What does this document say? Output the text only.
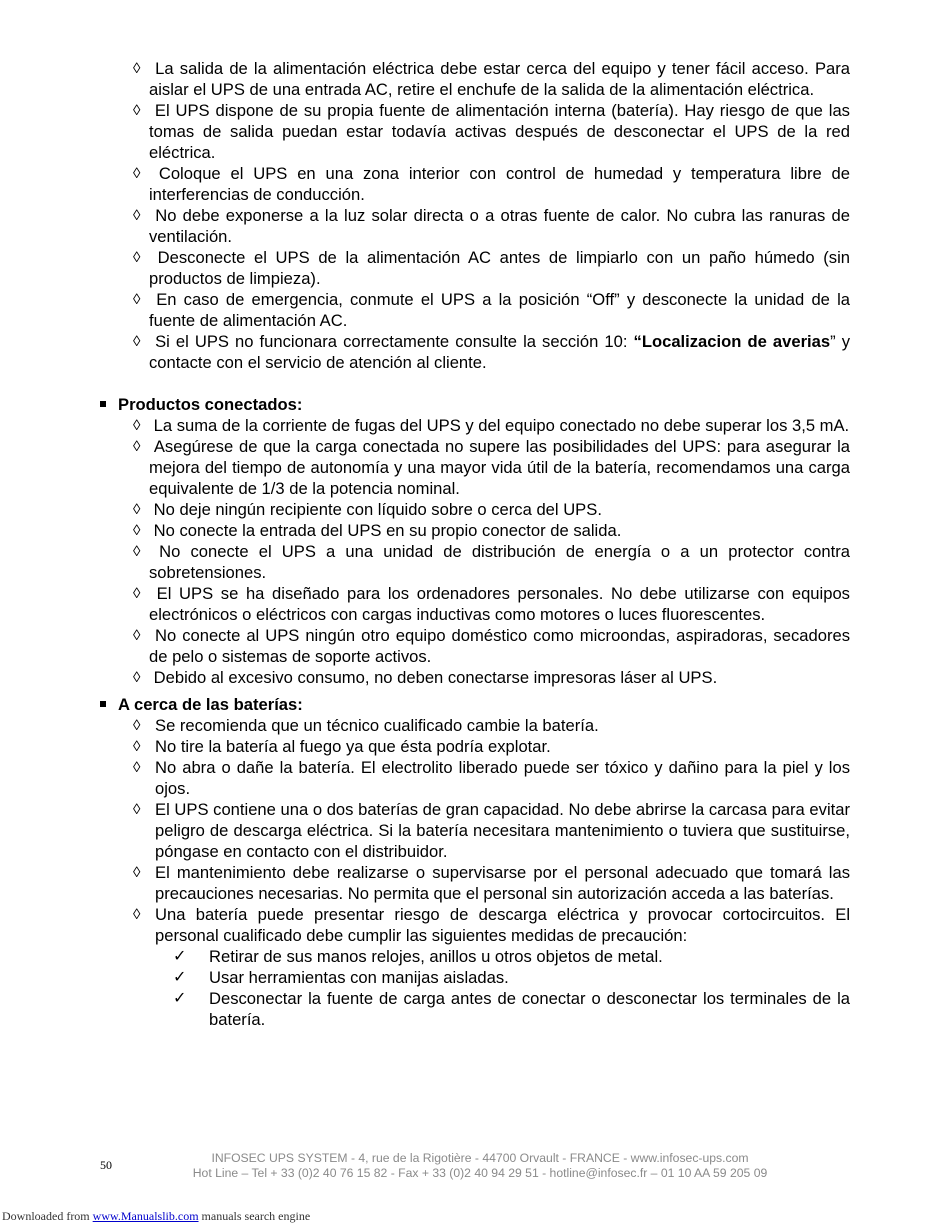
◊ La salida de la alimentación eléctrica debe estar cerca del equipo y tener fácil acceso. Para aislar el UPS de una entrada AC, retire el enchufe de la salida de la alimentación eléctrica.
◊ El UPS dispone de su propia fuente de alimentación interna (batería). Hay riesgo de que las tomas de salida puedan estar todavía activas después de desconectar el UPS de la red eléctrica.
◊ Coloque el UPS en una zona interior con control de humedad y temperatura libre de interferencias de conducción.
◊ No debe exponerse a la luz solar directa o a otras fuente de calor. No cubra las ranuras de ventilación.
◊ Desconecte el UPS de la alimentación AC antes de limpiarlo con un paño húmedo (sin productos de limpieza).
◊ En caso de emergencia, conmute el UPS a la posición “Off” y desconecte la unidad de la fuente de alimentación AC.
◊ Si el UPS no funcionara correctamente consulte la sección 10: “Localizacion de averias” y contacte con el servicio de atención al cliente.
Productos conectados:
◊ La suma de la corriente de fugas del UPS y del equipo conectado no debe superar los 3,5 mA.
◊ Asegúrese de que la carga conectada no supere las posibilidades del UPS: para asegurar la mejora del tiempo de autonomía y una mayor vida útil de la batería, recomendamos una carga equivalente de 1/3 de la potencia nominal.
◊ No deje ningún recipiente con líquido sobre o cerca del UPS.
◊ No conecte la entrada del UPS en su propio conector de salida.
◊ No conecte el UPS a una unidad de distribución de energía o a un protector contra sobretensiones.
◊ El UPS se ha diseñado para los ordenadores personales. No debe utilizarse con equipos electrónicos o eléctricos con cargas inductivas como motores o luces fluorescentes.
◊ No conecte al UPS ningún otro equipo doméstico como microondas, aspiradoras, secadores de pelo o sistemas de soporte activos.
◊ Debido al excesivo consumo, no deben conectarse impresoras láser al UPS.
A cerca de las baterías:
◊ Se recomienda que un técnico cualificado cambie la batería.
◊ No tire la batería al fuego ya que ésta podría explotar.
◊ No abra o dañe la batería. El electrolito liberado puede ser tóxico y dañino para la piel y los ojos.
◊ El UPS contiene una o dos baterías de gran capacidad. No debe abrirse la carcasa para evitar peligro de descarga eléctrica. Si la batería necesitara mantenimiento o tuviera que sustituirse, póngase en contacto con el distribuidor.
◊ El mantenimiento debe realizarse o supervisarse por el personal adecuado que tomará las precauciones necesarias. No permita que el personal sin autorización acceda a las baterías.
◊ Una batería puede presentar riesgo de descarga eléctrica y provocar cortocircuitos. El personal cualificado debe cumplir las siguientes medidas de precaución:
✓ Retirar de sus manos relojes, anillos u otros objetos de metal.
✓ Usar herramientas con manijas aisladas.
✓ Desconectar la fuente de carga antes de conectar o desconectar los terminales de la batería.
50	INFOSEC UPS SYSTEM - 4, rue de la Rigotière - 44700 Orvault - FRANCE - www.infosec-ups.com
Hot Line – Tel + 33 (0)2 40 76 15 82 - Fax + 33 (0)2 40 94 29 51 - hotline@infosec.fr – 01 10 AA 59 205 09
Downloaded from www.Manualslib.com manuals search engine
